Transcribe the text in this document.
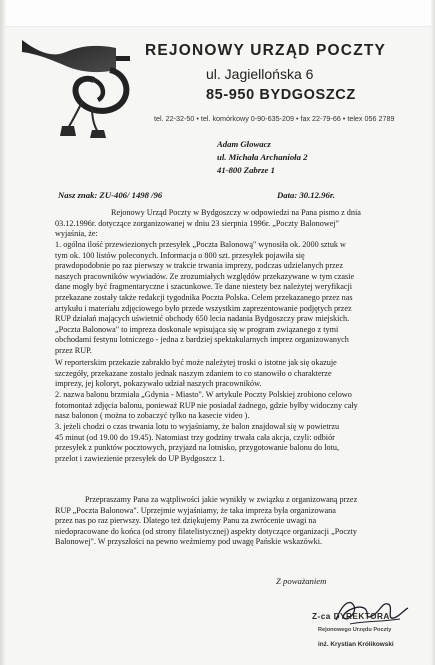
REJONOWY URZĄD POCZTY
ul. Jagiellońska 6
85-950 BYDGOSZCZ
tel. 22-32-50 • tel. komórkowy 0-90-635-209 • fax 22-79-66 • telex 056 2789
Adam Głowacz
ul. Michała Archanioła 2
41-800 Zabrze 1
Nasz znak: ZU-406/ 1498 /96	Data: 30.12.96r.

Rejonowy Urząd Poczty w Bydgoszczy w odpowiedzi na Pana pismo z dnia

03.12.1996r. dotyczące zorganizowanej w dniu 23 sierpnia 1996r. „Poczty Balonowej"

wyjaśnia, że:

1. ogólna ilość przewiezionych przesyłek „Poczta Balonową" wynosiła ok. 2000 sztuk w

tym ok. 100 listów poleconych. Informacja o 800 szt. przesyłek pojawiła się

prawdopodobnie po raz pierwszy w trakcie trwania imprezy, podczas udzielanych przez

naszych pracowników wywiadów. Ze zrozumiałych względów przekazywane w tym czasie

dane mogły być fragmentaryczne i szacunkowe. Te dane niestety bez należytej weryfikacji

przekazane zostały także redakcji tygodnika Poczta Polska. Celem przekazanego przez nas

artykułu i materiału zdjęciowego było przede wszystkim zaprezentowanie podjętych przez

RUP działań mających uświetnić obchody 650 lecia nadania Bydgoszczy praw miejskich.

„Poczta Balonowa" to impreza doskonale wpisująca się w program związanego z tymi

obchodami festynu lotniczego - jedna z bardziej spektakularnych imprez organizowanych

przez RUP.

W reporterskim przekazie zabrakło być może należytej troski o istotne jak się okazuje

szczegóły, przekazane zostało jednak naszym zdaniem to co stanowiło o charakterze

imprezy, jej koloryt, pokazywało udział naszych pracowników.

2. nazwa balonu brzmiała „Gdynia - Miasto". W artykule Poczty Polskiej zrobiono celowo

fotomontaż zdjęcia balonu, ponieważ RUP nie posiadał żadnego, gdzie byłby widoczny cały

nasz balonon ( można to zobaczyć tylko na kasecie video ).

3. jeżeli chodzi o czas trwania lotu to wyjaśniamy, że balon znajdował się w powietrzu

45 minut (od 19.00 do 19.45). Natomiast trzy godziny trwała cała akcja, czyli: odbiór

przesyłek z punktów pocztowych, przyjazd na lotnisko, przygotowanie balonu do lotu,

przelot i zawiezienie przesyłek do UP Bydgoszcz 1.

Przepraszamy Pana za wątpliwości jakie wynikły w związku z organizowaną przez

RUP „Poczta Balonowa". Uprzejmie wyjaśniamy, że taka impreza była organizowana

przez nas po raz pierwszy. Dlatego też dziękujemy Panu za zwrócenie uwagi na

niedopracowane do końca (od strony filatelistycznej) aspekty dotyczące organizacji „Poczty

Balonowej". W przyszłości na pewno weźmiemy pod uwagę Pańskie wskazówki.

Z poważaniem
Z-ca DYREKTORA
Rejonowego Urzędu Poczty
inż. Krystian Królikowski
